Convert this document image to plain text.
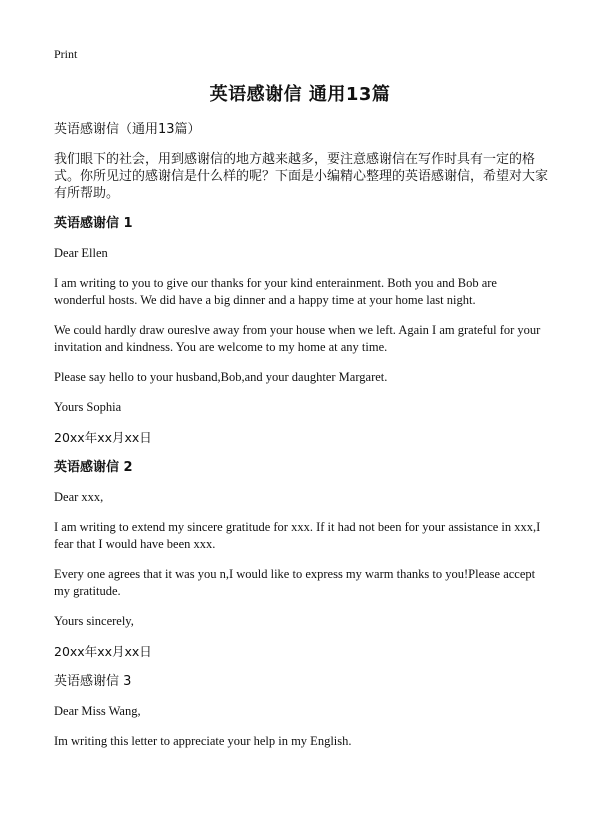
Print
英语感谢信 通用13篇
英语感谢信（通用13篇）
我们眼下的社会，用到感谢信的地方越来越多，要注意感谢信在写作时具有一定的格式。你所见过的感谢信是什么样的呢？下面是小编精心整理的英语感谢信，希望对大家有所帮助。
英语感谢信 1
Dear Ellen
I am writing to you to give our thanks for your kind enterainment. Both you and Bob are wonderful hosts. We did have a big dinner and a happy time at your home last night.
We could hardly draw oureslve away from your house when we left. Again I am grateful for your invitation and kindness. You are welcome to my home at any time.
Please say hello to your husband,Bob,and your daughter Margaret.
Yours Sophia
20xx年xx月xx日
英语感谢信 2
Dear xxx,
I am writing to extend my sincere gratitude for xxx. If it had not been for your assistance in xxx,I fear that I would have been xxx.
Every one agrees that it was you n,I would like to express my warm thanks to you!Please accept my gratitude.
Yours sincerely,
20xx年xx月xx日
英语感谢信 3
Dear Miss Wang,
Im writing this letter to appreciate your help in my English.
